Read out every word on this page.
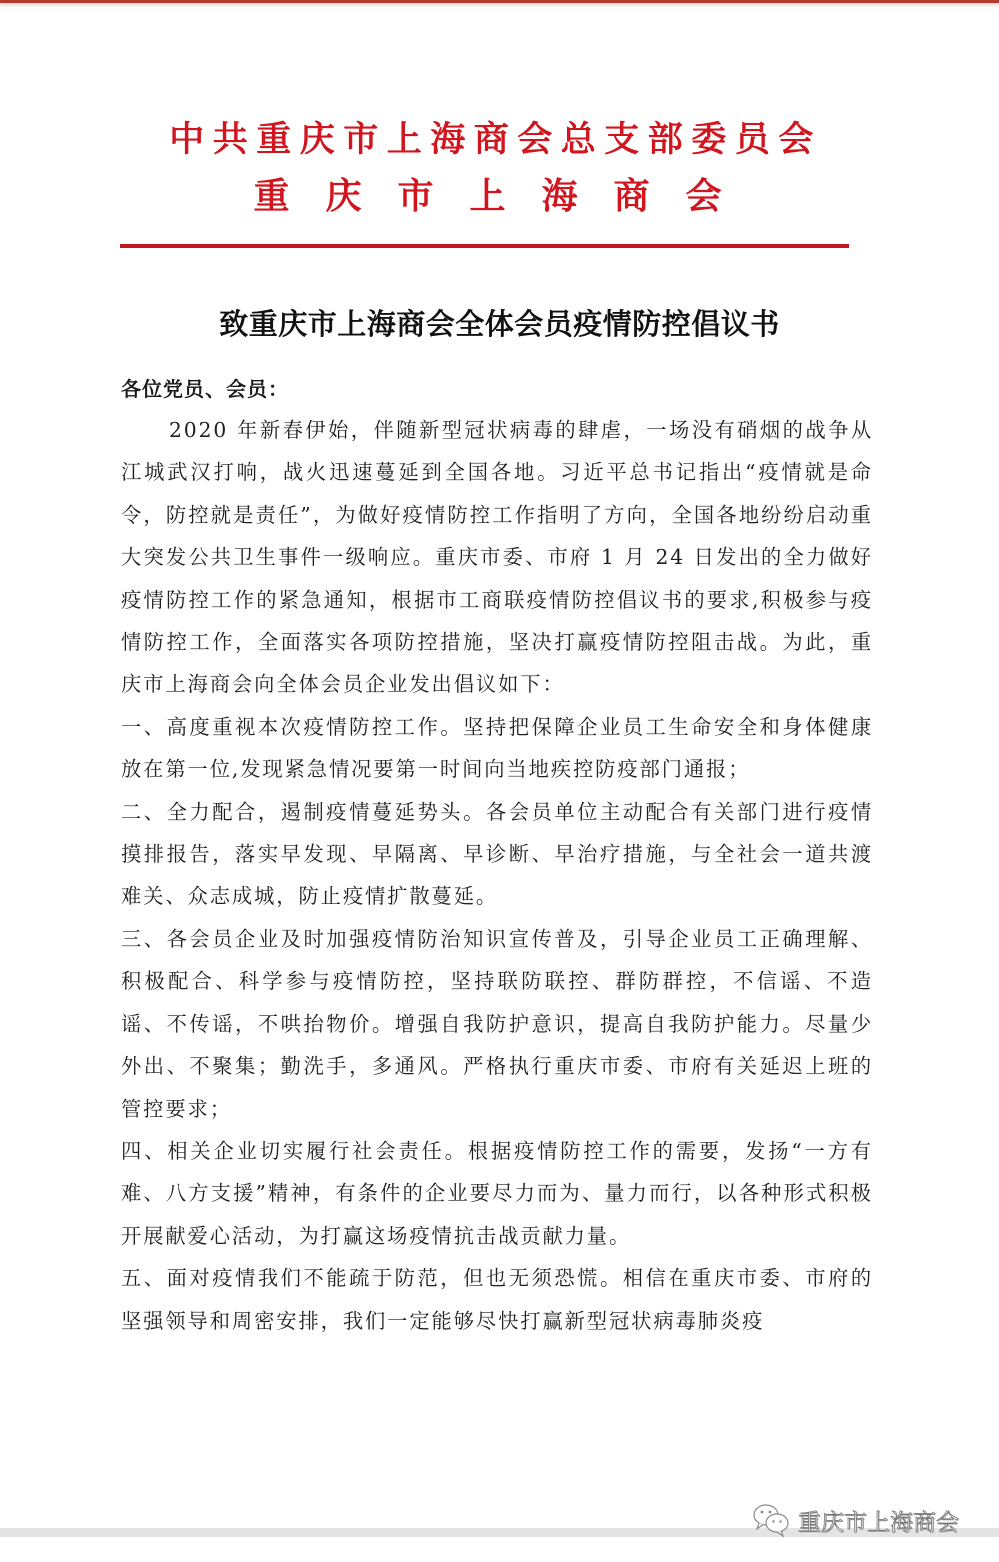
中共重庆市上海商会总支部委员会
重庆市上海商会
致重庆市上海商会全体会员疫情防控倡议书
各位党员、会员：

2020 年新春伊始，伴随新型冠状病毒的肆虐，一场没有硝烟的战争从江城武汉打响，战火迅速蔓延到全国各地。习近平总书记指出“疫情就是命令，防控就是责任”，为做好疫情防控工作指明了方向，全国各地纷纷启动重大突发公共卫生事件一级响应。重庆市委、市府 1 月 24 日发出的全力做好疫情防控工作的紧急通知，根据市工商联疫情防控倡议书的要求,积极参与疫情防控工作，全面落实各项防控措施，坚决打赢疫情防控阻击战。为此，重庆市上海商会向全体会员企业发出倡议如下：

一、高度重视本次疫情防控工作。坚持把保障企业员工生命安全和身体健康放在第一位,发现紧急情况要第一时间向当地疾控防疫部门通报；

二、全力配合，遏制疫情蔓延势头。各会员单位主动配合有关部门进行疫情摸排报告，落实早发现、早隔离、早诊断、早治疗措施，与全社会一道共渡难关、众志成城，防止疫情扩散蔓延。

三、各会员企业及时加强疫情防治知识宣传普及，引导企业员工正确理解、积极配合、科学参与疫情防控，坚持联防联控、群防群控，不信谣、不造谣、不传谣，不哄抬物价。增强自我防护意识，提高自我防护能力。尽量少外出、不聚集；勤洗手，多通风。严格执行重庆市委、市府有关延迟上班的管控要求；

四、相关企业切实履行社会责任。根据疫情防控工作的需要，发扬“一方有难、八方支援”精神，有条件的企业要尽力而为、量力而行，以各种形式积极开展献爱心活动，为打赢这场疫情抗击战贡献力量。

五、面对疫情我们不能疏于防范，但也无须恐慌。相信在重庆市委、市府的坚强领导和周密安排，我们一定能够尽快打赢新型冠状病毒肺炎疫

重庆市上海商会
